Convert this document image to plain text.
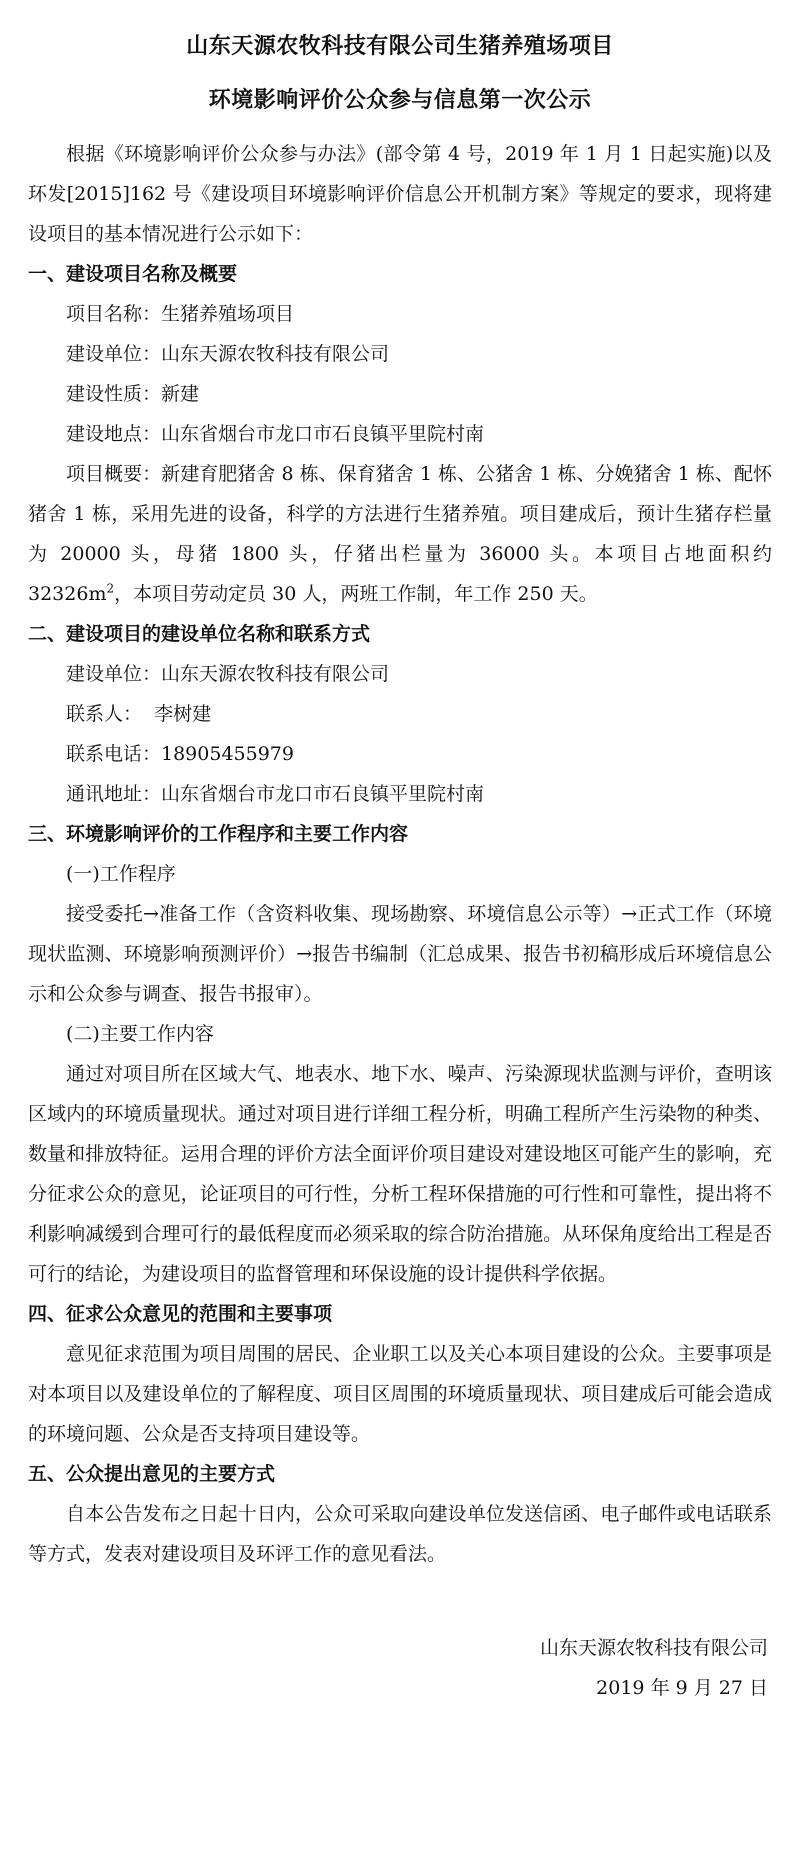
山东天源农牧科技有限公司生猪养殖场项目

环境影响评价公众参与信息第一次公示

根据《环境影响评价公众参与办法》(部令第 4 号，2019 年 1 月 1 日起实施)以及环发[2015]162 号《建设项目环境影响评价信息公开机制方案》等规定的要求，现将建设项目的基本情况进行公示如下：

一、建设项目名称及概要

项目名称：生猪养殖场项目

建设单位：山东天源农牧科技有限公司

建设性质：新建

建设地点：山东省烟台市龙口市石良镇平里院村南

项目概要：新建育肥猪舍 8 栋、保育猪舍 1 栋、公猪舍 1 栋、分娩猪舍 1 栋、配怀猪舍 1 栋，采用先进的设备，科学的方法进行生猪养殖。项目建成后，预计生猪存栏量为 20000 头，母猪 1800 头，仔猪出栏量为 36000 头。本项目占地面积约 $32326m^2$，本项目劳动定员 30 人，两班工作制，年工作 250 天。

二、建设项目的建设单位名称和联系方式

建设单位：山东天源农牧科技有限公司

联系人：  李树建

联系电话：18905455979

通讯地址：山东省烟台市龙口市石良镇平里院村南

三、环境影响评价的工作程序和主要工作内容

(一)工作程序

接受委托→准备工作（含资料收集、现场勘察、环境信息公示等）→正式工作（环境现状监测、环境影响预测评价）→报告书编制（汇总成果、报告书初稿形成后环境信息公示和公众参与调查、报告书报审）。

(二)主要工作内容

通过对项目所在区域大气、地表水、地下水、噪声、污染源现状监测与评价，查明该区域内的环境质量现状。通过对项目进行详细工程分析，明确工程所产生污染物的种类、数量和排放特征。运用合理的评价方法全面评价项目建设对建设地区可能产生的影响，充分征求公众的意见，论证项目的可行性，分析工程环保措施的可行性和可靠性，提出将不利影响减缓到合理可行的最低程度而必须采取的综合防治措施。从环保角度给出工程是否可行的结论，为建设项目的监督管理和环保设施的设计提供科学依据。

四、征求公众意见的范围和主要事项

意见征求范围为项目周围的居民、企业职工以及关心本项目建设的公众。主要事项是对本项目以及建设单位的了解程度、项目区周围的环境质量现状、项目建成后可能会造成的环境问题、公众是否支持项目建设等。

五、公众提出意见的主要方式

自本公告发布之日起十日内，公众可采取向建设单位发送信函、电子邮件或电话联系等方式，发表对建设项目及环评工作的意见看法。

山东天源农牧科技有限公司

2019 年 9 月 27 日
